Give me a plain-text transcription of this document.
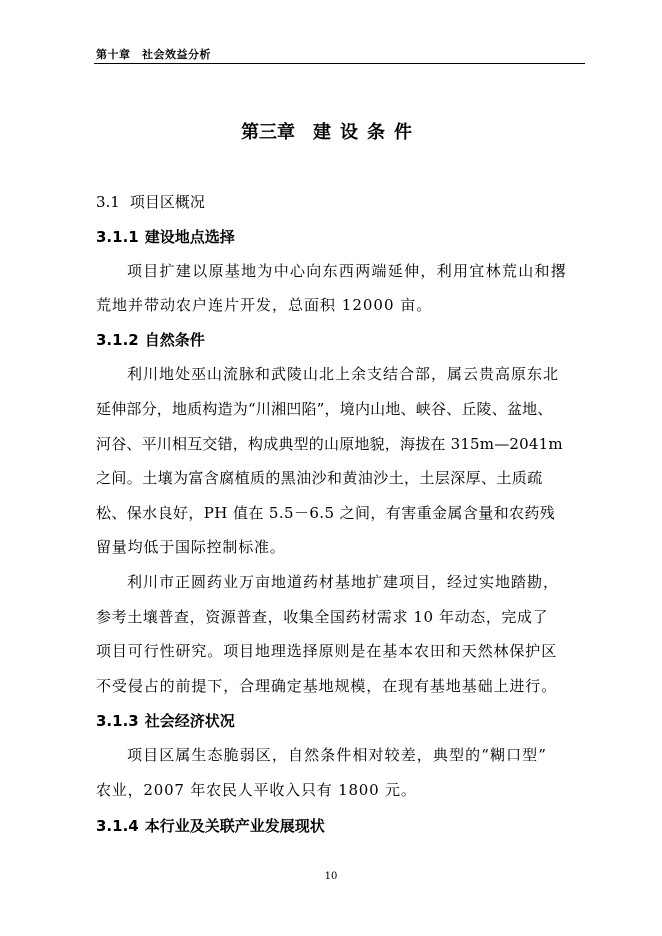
第十章　社会效益分析
第三章 建设条件
3.1 项目区概况
3.1.1 建设地点选择
项目扩建以原基地为中心向东西两端延伸，利用宜林荒山和撂
荒地并带动农户连片开发，总面积 12000 亩。
3.1.2 自然条件
利川地处巫山流脉和武陵山北上余支结合部，属云贵高原东北
延伸部分，地质构造为“川湘凹陷”，境内山地、峡谷、丘陵、盆地、
河谷、平川相互交错，构成典型的山原地貌，海拔在 315m—2041m
之间。土壤为富含腐植质的黑油沙和黄油沙土，土层深厚、土质疏
松、保水良好，PH 值在 5.5－6.5 之间，有害重金属含量和农药残
留量均低于国际控制标准。
利川市正圆药业万亩地道药材基地扩建项目，经过实地踏勘，
参考土壤普查，资源普查，收集全国药材需求 10 年动态，完成了
项目可行性研究。项目地理选择原则是在基本农田和天然林保护区
不受侵占的前提下，合理确定基地规模，在现有基地基础上进行。
3.1.3 社会经济状况
项目区属生态脆弱区，自然条件相对较差，典型的“糊口型”
农业，2007 年农民人平收入只有 1800 元。
3.1.4 本行业及关联产业发展现状
10
